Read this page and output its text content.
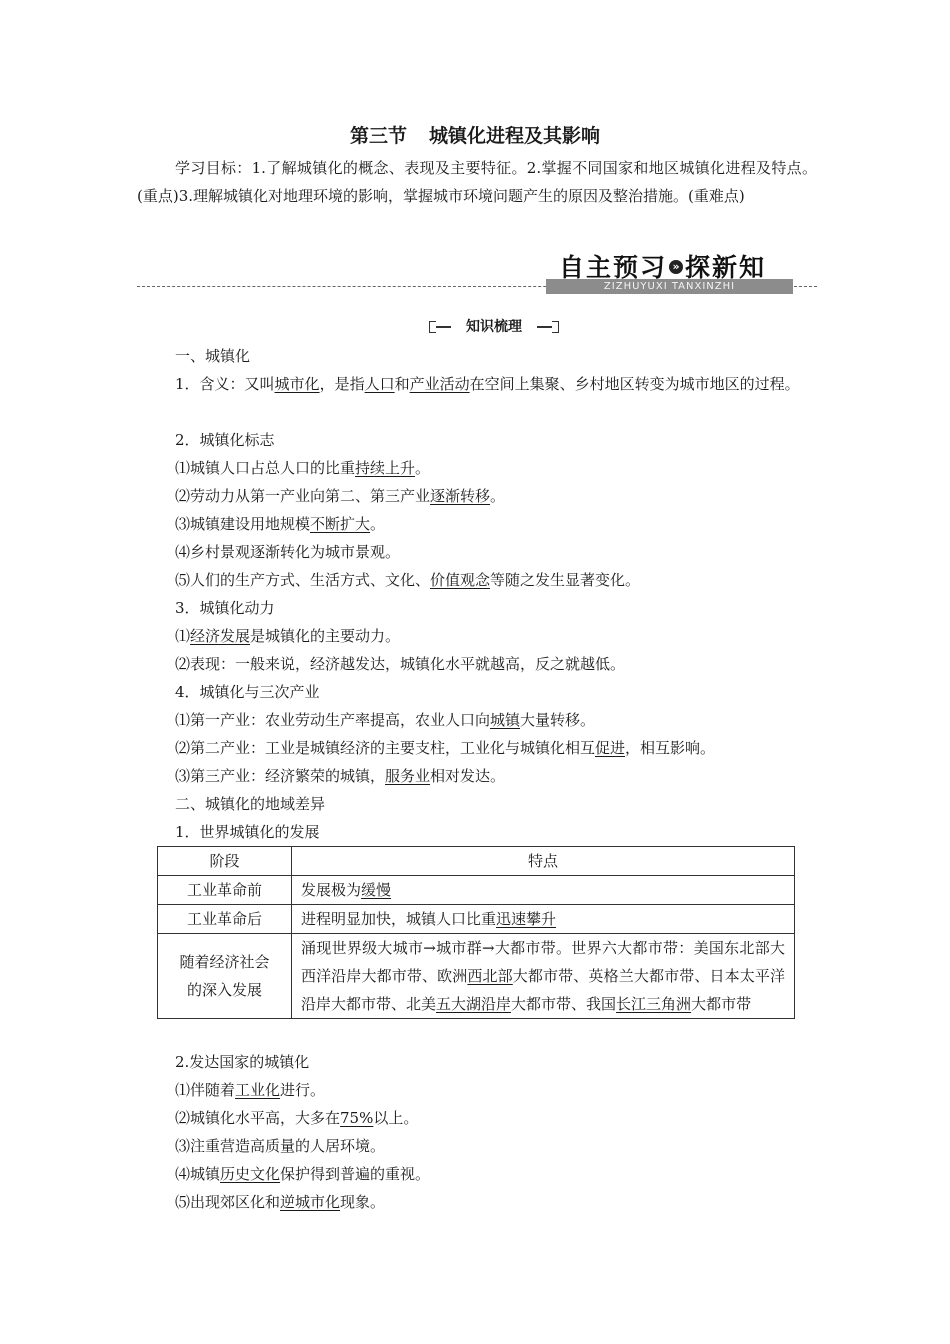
第三节 城镇化进程及其影响
学习目标：1.了解城镇化的概念、表现及主要特征。2.掌握不同国家和地区城镇化进程及特点。(重点)3.理解城镇化对地理环境的影响，掌握城市环境问题产生的原因及整治措施。(重难点)
ZIZHUYUXI TANXINZHI
自主预习 » 探新知
知识梳理
一、城镇化
1．含义：又叫城市化，是指人口和产业活动在空间上集聚、乡村地区转变为城市地区的过程。
2．城镇化标志
⑴城镇人口占总人口的比重持续上升。
⑵劳动力从第一产业向第二、第三产业逐渐转移。
⑶城镇建设用地规模不断扩大。
⑷乡村景观逐渐转化为城市景观。
⑸人们的生产方式、生活方式、文化、价值观念等随之发生显著变化。
3．城镇化动力
⑴经济发展是城镇化的主要动力。
⑵表现：一般来说，经济越发达，城镇化水平就越高，反之就越低。
4．城镇化与三次产业
⑴第一产业：农业劳动生产率提高，农业人口向城镇大量转移。
⑵第二产业：工业是城镇经济的主要支柱，工业化与城镇化相互促进，相互影响。
⑶第三产业：经济繁荣的城镇，服务业相对发达。
二、城镇化的地域差异
1．世界城镇化的发展
阶段	特点
工业革命前	发展极为缓慢
工业革命后	进程明显加快，城镇人口比重迅速攀升
随着经济社会
的深入发展	涌现世界级大城市→城市群→大都市带。世界六大都市带：美国东北部大西洋沿岸大都市带、欧洲西北部大都市带、英格兰大都市带、日本太平洋沿岸大都市带、北美五大湖沿岸大都市带、我国长江三角洲大都市带
2.发达国家的城镇化
⑴伴随着工业化进行。
⑵城镇化水平高，大多在75%以上。
⑶注重营造高质量的人居环境。
⑷城镇历史文化保护得到普遍的重视。
⑸出现郊区化和逆城市化现象。
